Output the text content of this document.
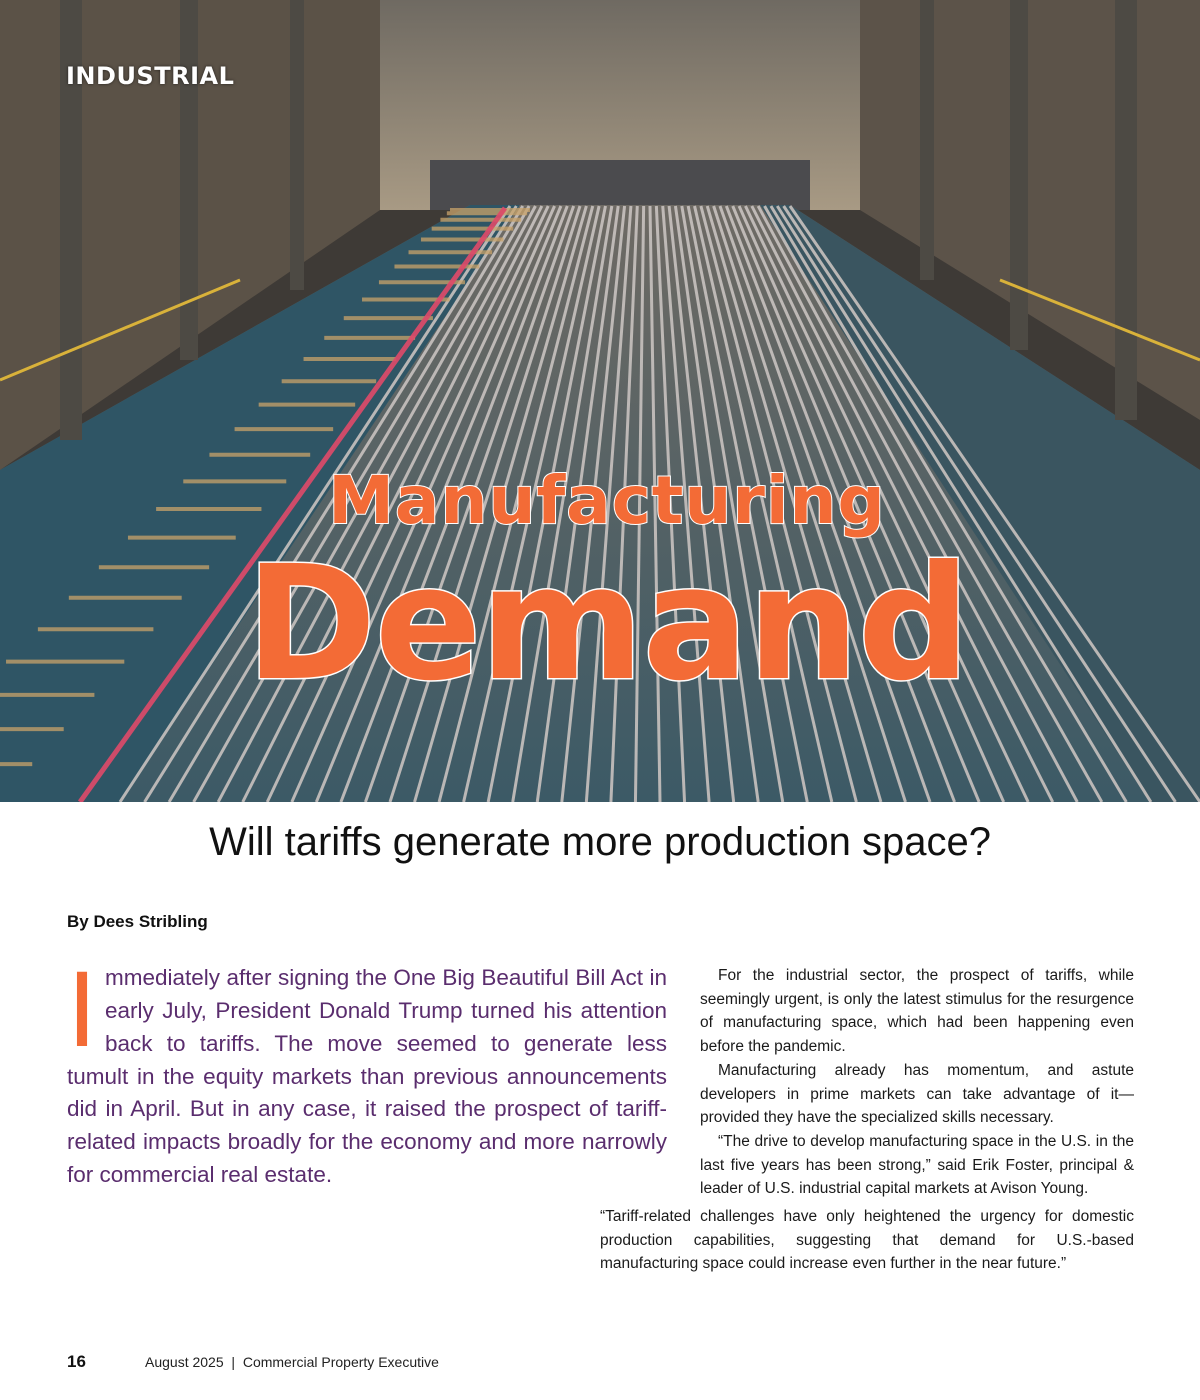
INDUSTRIAL
Manufacturing
Demand
Will tariffs generate more production space?

By Dees Stribling

Immediately after signing the One Big Beautiful Bill Act in early July, President Donald Trump turned his attention back to tariffs. The move seemed to generate less tumult in the equity markets than previous announcements did in April. But in any case, it raised the prospect of tariff-related impacts broadly for the economy and more narrowly for commercial real estate.

For the industrial sector, the prospect of tariffs, while seemingly urgent, is only the latest stimulus for the resurgence of manufacturing space, which had been happening even before the pandemic.

Manufacturing already has momentum, and astute developers in prime markets can take advantage of it—provided they have the specialized skills necessary.

“The drive to develop manufacturing space in the U.S. in the last five years has been strong,” said Erik Foster, principal & leader of U.S. industrial capital markets at Avison Young.

“Tariff-related challenges have only heightened the urgency for domestic production capabilities, suggesting that demand for U.S.-based manufacturing space could increase even further in the near future.”

16	August 2025 | Commercial Property Executive
